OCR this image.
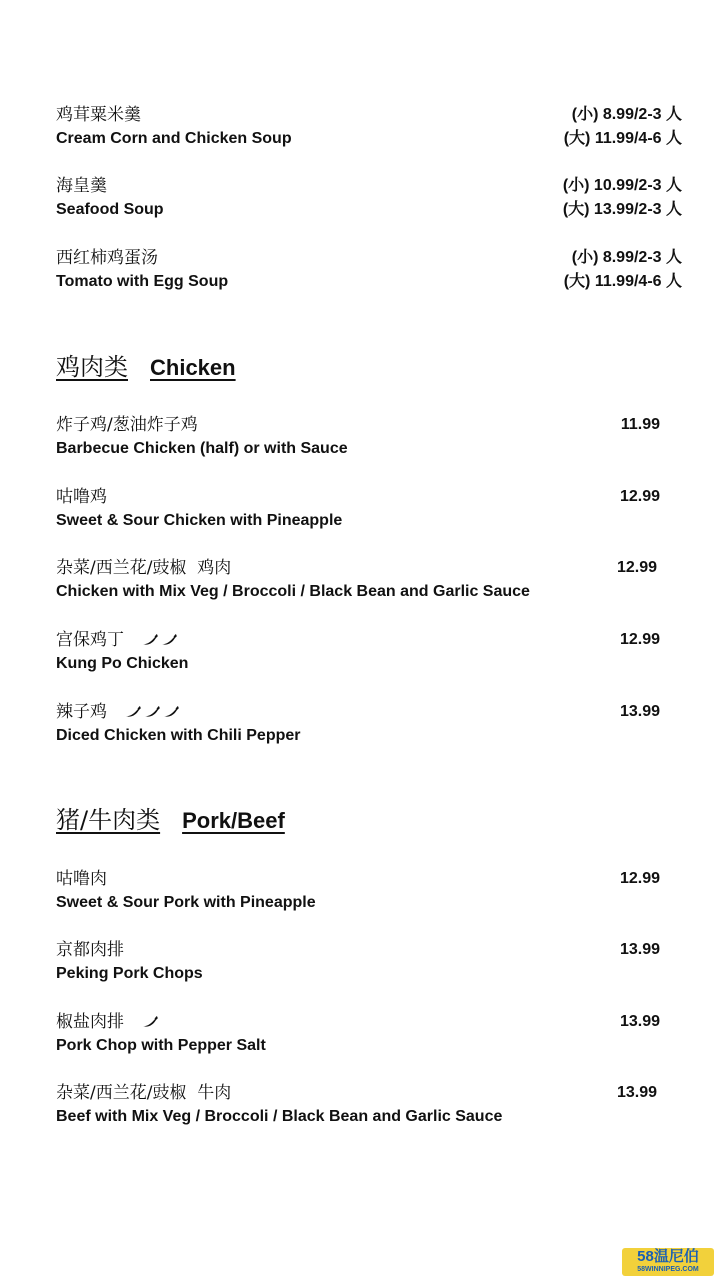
鸡茸粟米羹
Cream Corn and Chicken Soup
(小) 8.99/2-3 人
(大) 11.99/4-6 人
海皇羹
Seafood Soup
(小) 10.99/2-3 人
(大) 13.99/2-3 人
西红柿鸡蛋汤
Tomato with Egg Soup
(小) 8.99/2-3 人
(大) 11.99/4-6 人
鸡肉类 Chicken
炸子鸡/葱油炸子鸡
Barbecue Chicken (half) or with Sauce
11.99
咕噜鸡
Sweet & Sour Chicken with Pineapple
12.99
杂菜/西兰花/豉椒  鸡肉
Chicken with Mix Veg / Broccoli / Black Bean and Garlic Sauce
12.99
宫保鸡丁
Kung Po Chicken
12.99
辣子鸡
Diced Chicken with Chili Pepper
13.99
猪/牛肉类 Pork/Beef
咕噜肉
Sweet & Sour Pork with Pineapple
12.99
京都肉排
Peking Pork Chops
13.99
椒盐肉排
Pork Chop with Pepper Salt
13.99
杂菜/西兰花/豉椒  牛肉
Beef with Mix Veg / Broccoli / Black Bean and Garlic Sauce
13.99
58温尼伯
58WINNIPEG.COM
